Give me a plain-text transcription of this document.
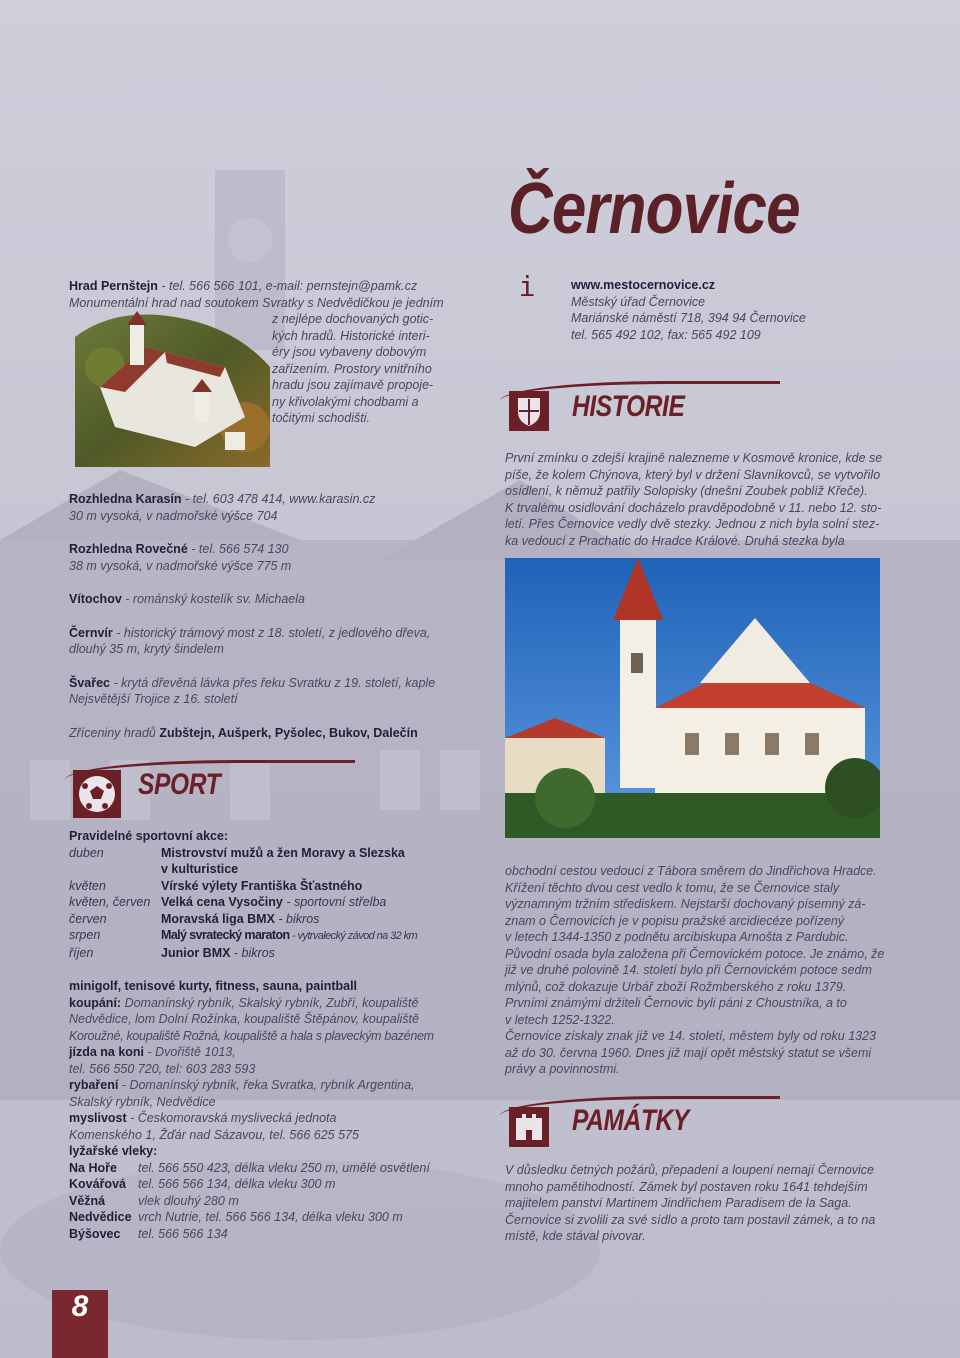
Černovice
i	www.mestocernovice.cz
Městský úřad Černovice
Mariánské náměstí 718, 394 94 Černovice
tel. 565 492 102, fax: 565 492 109
HISTORIE
První zmínku o zdejší krajině nalezneme v Kosmově kronice, kde se
píše, že kolem Chýnova, který byl v držení Slavníkovců, se vytvořilo
osídlení, k němuž patřily Solopisky (dnešní Zoubek poblíž Křeče).
K trvalému osidlování docházelo pravděpodobně v 11. nebo 12. sto-
letí. Přes Černovice vedly dvě stezky. Jednou z nich byla solní stez-
ka vedoucí z Prachatic do Hradce Králové. Druhá stezka byla
Hrad Pernštejn - tel. 566 566 101, e-mail: pernstejn@pamk.cz
Monumentální hrad nad soutokem Svratky s Nedvědičkou je jedním
z nejlépe dochovaných gotic-
kých hradů. Historické interi-
éry jsou vybaveny dobovým
zařízením. Prostory vnitřního
hradu jsou zajímavě propoje-
ny křivolakými chodbami a
točitými schodišti.
Rozhledna Karasín - tel. 603 478 414, www.karasin.cz
30 m vysoká, v nadmořské výšce 704
Rozhledna Rovečné - tel. 566 574 130
38 m vysoká, v nadmořské výšce 775 m
Vítochov - románský kostelík sv. Michaela
Černvír - historický trámový most z 18. století, z jedlového dřeva,
dlouhý 35 m, krytý šindelem
Švařec - krytá dřevěná lávka přes řeku Svratku z 19. století, kaple
Nejsvětější Trojice z 16. století
Zříceniny hradů Zubštejn, Aušperk, Pyšolec, Bukov, Dalečín
obchodní cestou vedoucí z Tábora směrem do Jindřichova Hradce.
Křížení těchto dvou cest vedlo k tomu, že se Černovice staly
významným tržním střediskem. Nejstarší dochovaný písemný zá-
znam o Černovicích je v popisu pražské arcidiecéze pořízený
v letech 1344-1350 z podnětu arcibiskupa Arnošta z Pardubic.
Původní osada byla založena při Černovickém potoce. Je známo, že
již ve druhé polovině 14. století bylo při Černovickém potoce sedm
mlýnů, což dokazuje Urbář zboží Rožmberského z roku 1379.
Prvními známými držiteli Černovic byli páni z Choustníka, a to
v letech 1252-1322.
Černovice získaly znak již ve 14. století, městem byly od roku 1323
až do 30. června 1960. Dnes již mají opět městský statut se všemi
právy a povinnostmi.
PAMÁTKY
V důsledku četných požárů, přepadení a loupení nemají Černovice
mnoho pamětihodností. Zámek byl postaven roku 1641 tehdejším
majitelem panství Martinem Jindřichem Paradisem de la Saga.
Černovice si zvolili za své sídlo a proto tam postavil zámek, a to na
místě, kde stával pivovar.
SPORT
Pravidelné sportovní akce:
duben	Mistrovství mužů a žen Moravy a Slezska
v kulturistice
květen	Vírské výlety Františka Šťastného
květen, červen Velká cena Vysočiny - sportovní střelba
červen	Moravská liga BMX - bikros
srpen	Malý svratecký maraton - vytrvalecký závod na 32 km
říjen	Junior BMX - bikros
minigolf, tenisové kurty, fitness, sauna, paintball
koupání: Domanínský rybník, Skalský rybník, Zubří, koupaliště
Nedvědice, lom Dolní Rožínka, koupaliště Štěpánov, koupaliště
Koroužné, koupaliště Rožná, koupaliště a hala s plaveckým bazénem
jízda na koni - Dvořiště 1013,
tel. 566 550 720, tel: 603 283 593
rybaření - Domanínský rybník, řeka Svratka, rybník Argentina,
Skalský rybník, Nedvědice
myslivost - Českomoravská myslivecká jednota
Komenského 1, Žďár nad Sázavou, tel. 566 625 575
lyžařské vleky:
Na Hoře	tel. 566 550 423, délka vleku 250 m, umělé osvětlení
Kovářová tel. 566 566 134, délka vleku 300 m
Věžná	vlek dlouhý 280 m
Nedvědice vrch Nutrie, tel. 566 566 134, délka vleku 300 m
Býšovec	tel. 566 566 134
8
